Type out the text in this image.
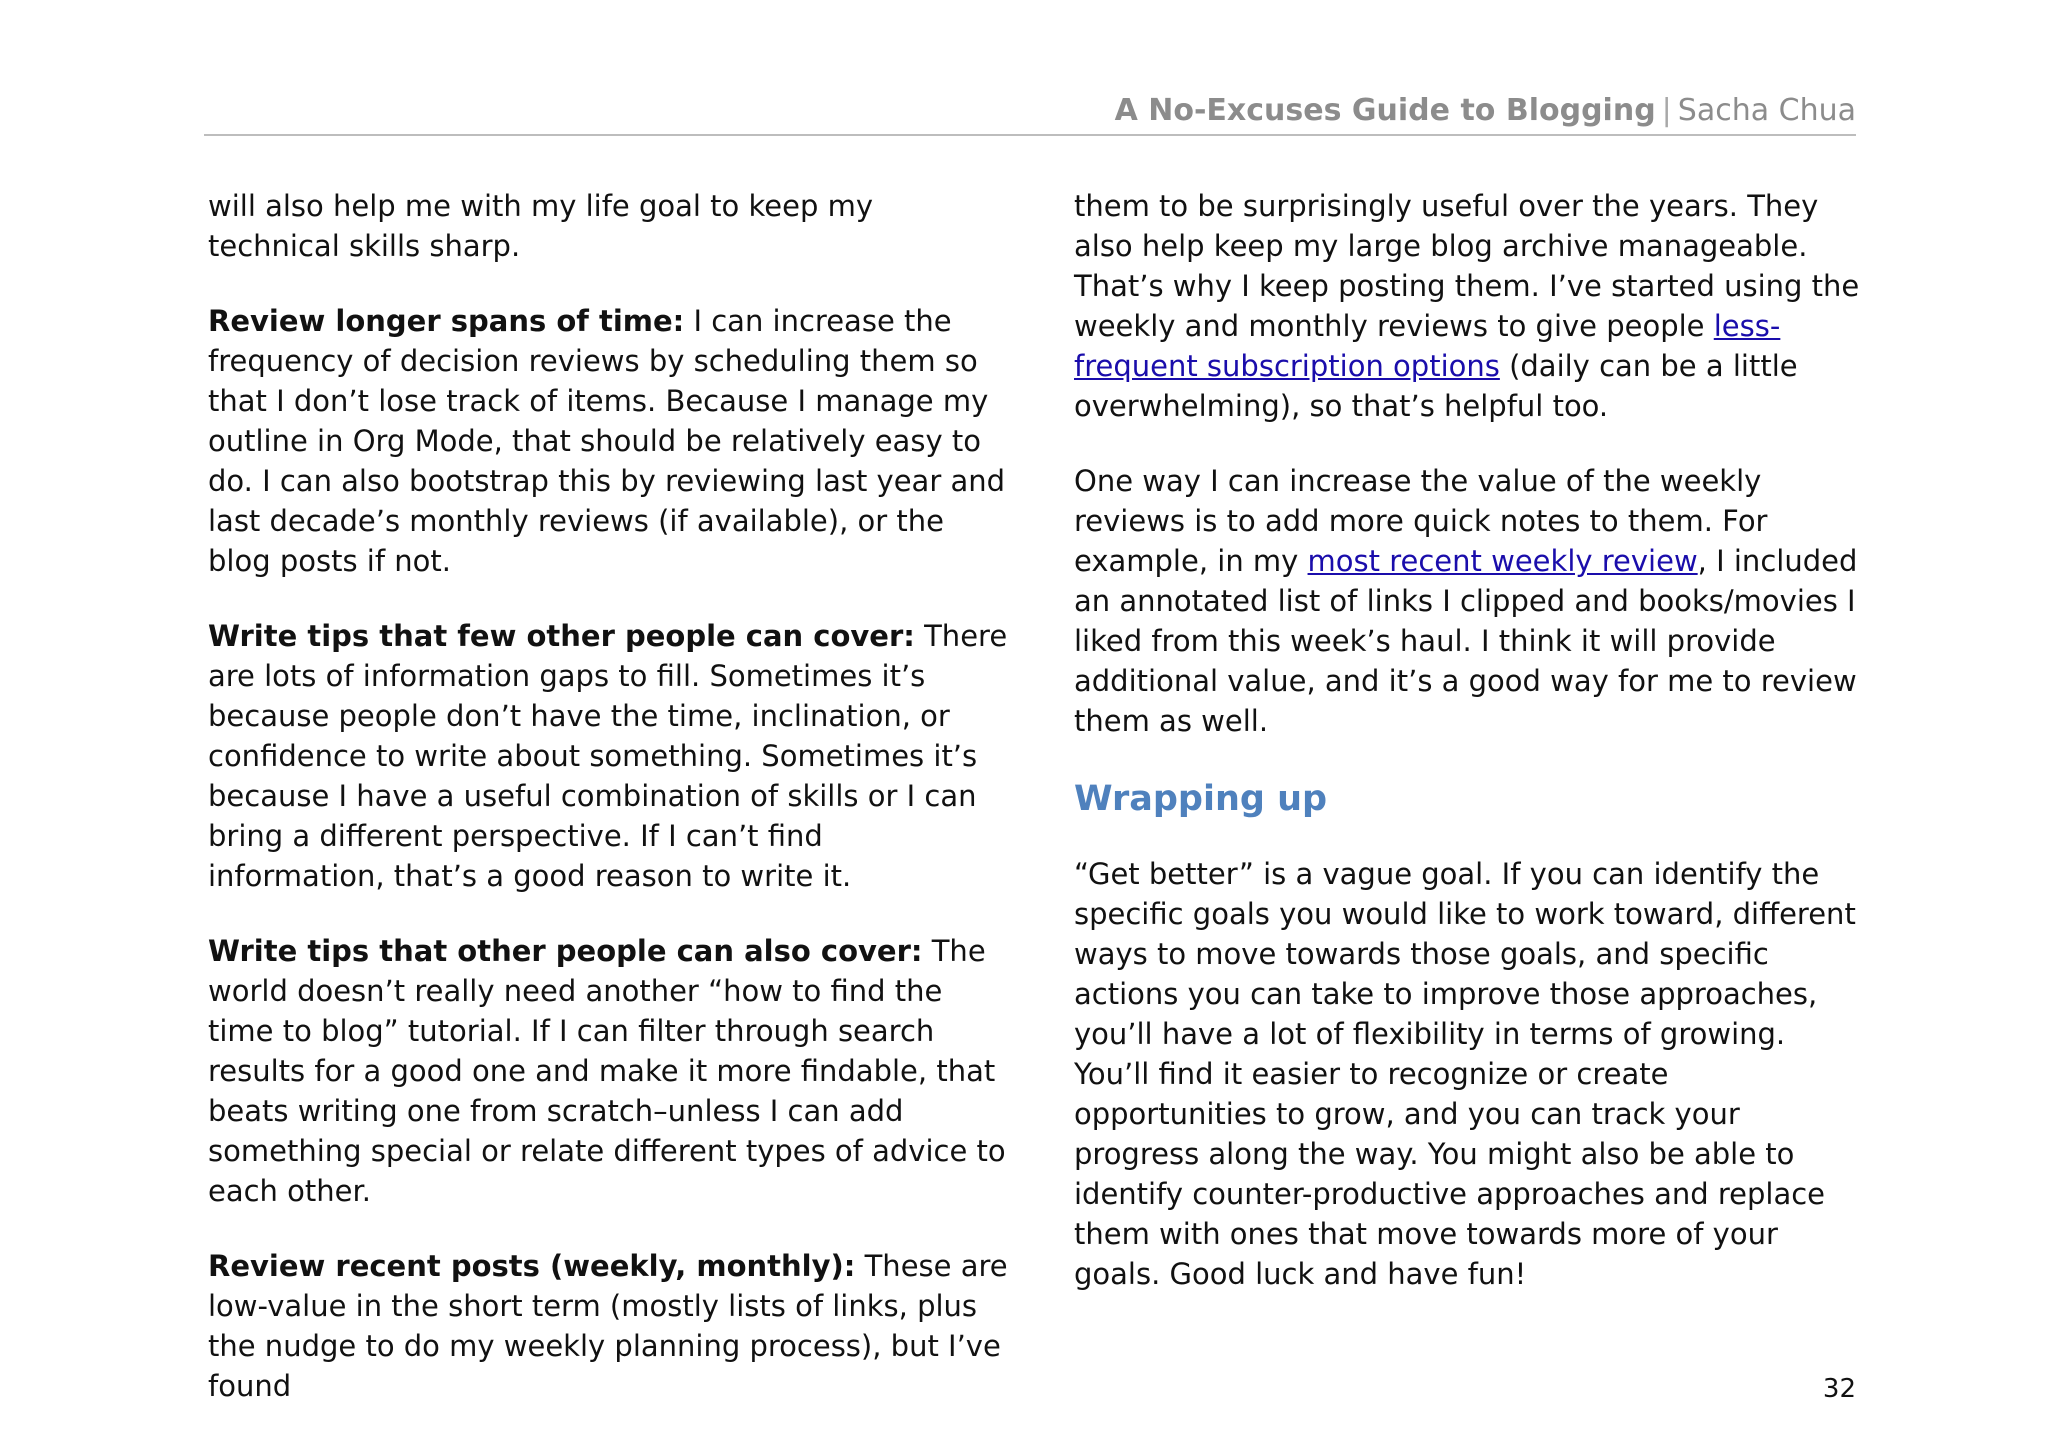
A No-Excuses Guide to Blogging | Sacha Chua

will also help me with my life goal to keep my technical skills sharp.

Review longer spans of time: I can increase the frequency of decision reviews by scheduling them so that I don’t lose track of items. Because I manage my outline in Org Mode, that should be relatively easy to do. I can also bootstrap this by reviewing last year and last decade’s monthly reviews (if available), or the blog posts if not.

Write tips that few other people can cover: There are lots of information gaps to fill. Sometimes it’s because people don’t have the time, inclination, or confidence to write about something. Sometimes it’s because I have a useful combination of skills or I can bring a different perspective. If I can’t find information, that’s a good reason to write it.

Write tips that other people can also cover: The world doesn’t really need another “how to find the time to blog” tutorial. If I can filter through search results for a good one and make it more findable, that beats writing one from scratch–unless I can add something special or relate different types of advice to each other.

Review recent posts (weekly, monthly): These are low-value in the short term (mostly lists of links, plus the nudge to do my weekly planning process), but I’ve found

them to be surprisingly useful over the years. They also help keep my large blog archive manageable. That’s why I keep posting them. I’ve started using the weekly and monthly reviews to give people less-frequent subscription options (daily can be a little overwhelming), so that’s helpful too.

One way I can increase the value of the weekly reviews is to add more quick notes to them. For example, in my most recent weekly review, I included an annotated list of links I clipped and books/movies I liked from this week’s haul. I think it will provide additional value, and it’s a good way for me to review them as well.

Wrapping up

“Get better” is a vague goal. If you can identify the specific goals you would like to work toward, different ways to move towards those goals, and specific actions you can take to improve those approaches, you’ll have a lot of flexibility in terms of growing. You’ll find it easier to recognize or create opportunities to grow, and you can track your progress along the way. You might also be able to identify counter-productive approaches and replace them with ones that move towards more of your goals. Good luck and have fun!

32
